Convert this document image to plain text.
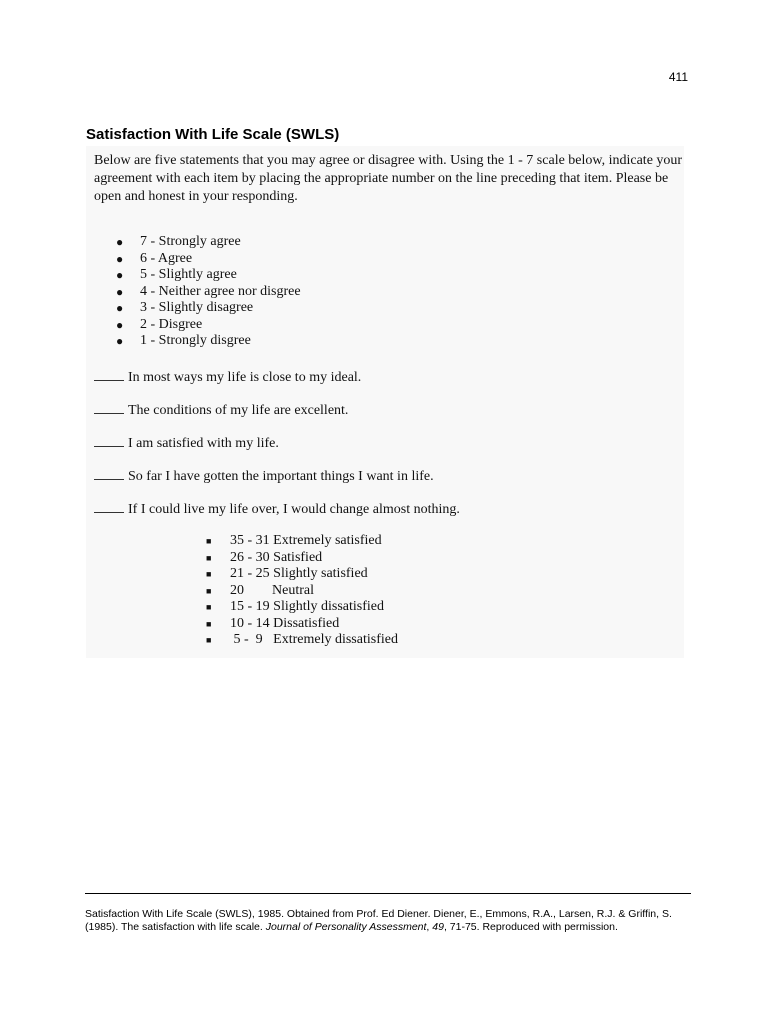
411
Satisfaction With Life Scale (SWLS)

Below are five statements that you may agree or disagree with. Using the 1 - 7 scale below, indicate your agreement with each item by placing the appropriate number on the line preceding that item. Please be open and honest in your responding.

● 7 - Strongly agree
● 6 - Agree
● 5 - Slightly agree
● 4 - Neither agree nor disgree
● 3 - Slightly disagree
● 2 - Disgree
● 1 - Strongly disgree
In most ways my life is close to my ideal.
The conditions of my life are excellent.
I am satisfied with my life.
So far I have gotten the important things I want in life.
If I could live my life over, I would change almost nothing.
■ 35 - 31 Extremely satisfied
■ 26 - 30 Satisfied
■ 21 - 25 Slightly satisfied
■ 20        Neutral
■ 15 - 19 Slightly dissatisfied
■ 10 - 14 Dissatisfied
■ 5 -  9   Extremely dissatisfied

Satisfaction With Life Scale (SWLS), 1985. Obtained from Prof. Ed Diener. Diener, E., Emmons, R.A., Larsen, R.J. & Griffin, S. (1985). The satisfaction with life scale. Journal of Personality Assessment, 49, 71-75. Reproduced with permission.
